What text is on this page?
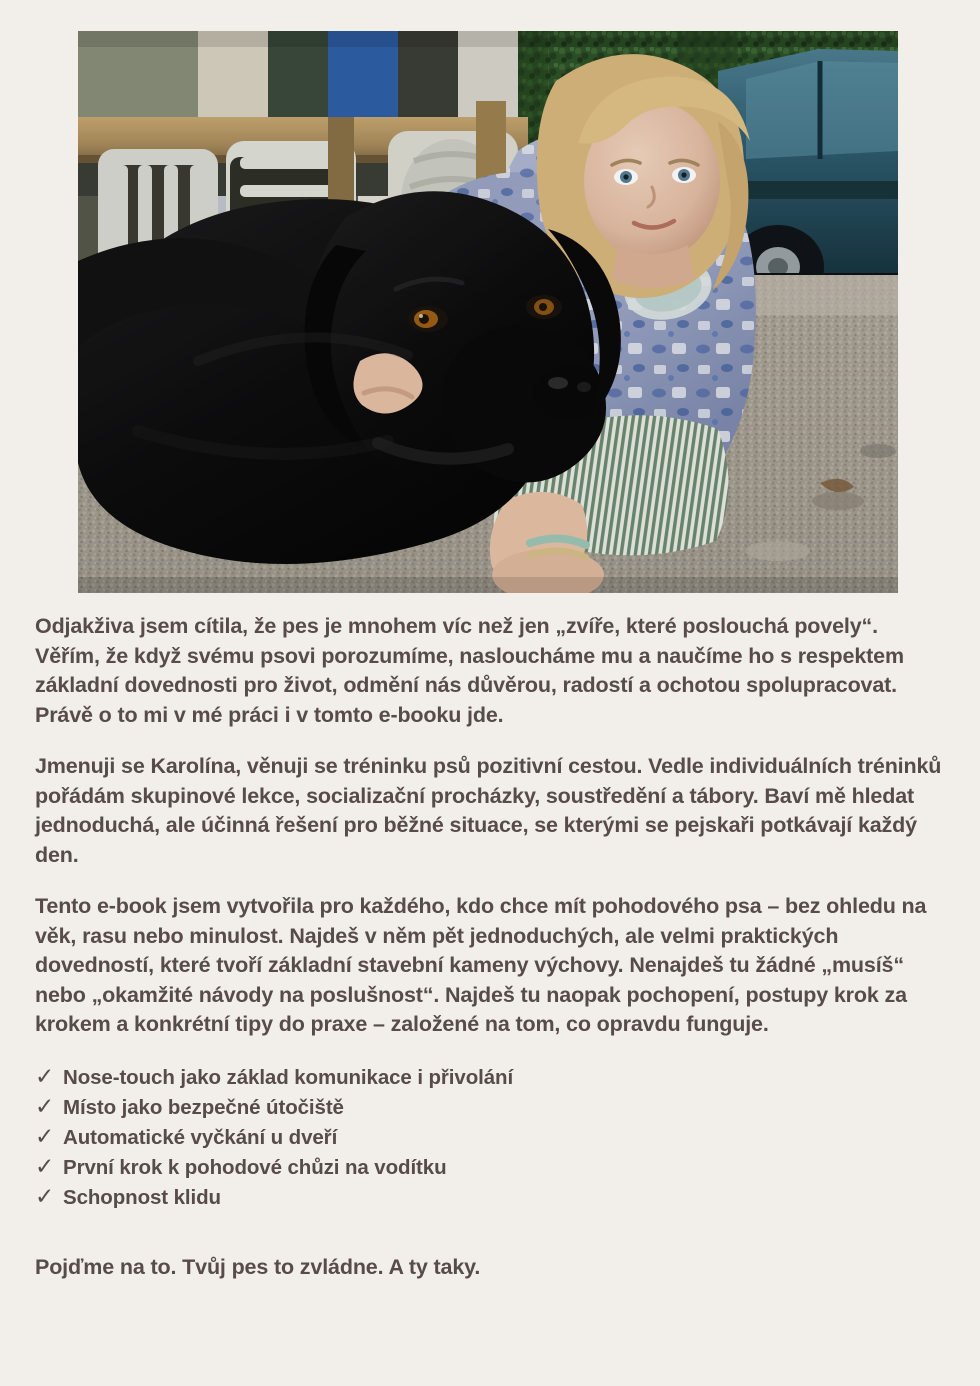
Odjakživa jsem cítila, že pes je mnohem víc než jen „zvíře, které poslouchá povely“. Věřím, že když svému psovi porozumíme, nasloucháme mu a naučíme ho s respektem základní dovednosti pro život, odmění nás důvěrou, radostí a ochotou spolupracovat. Právě o to mi v mé práci i v tomto e-booku jde.

Jmenuji se Karolína, věnuji se tréninku psů pozitivní cestou. Vedle individuálních tréninků pořádám skupinové lekce, socializační procházky, soustředění a tábory. Baví mě hledat jednoduchá, ale účinná řešení pro běžné situace, se kterými se pejskaři potkávají každý den.

Tento e-book jsem vytvořila pro každého, kdo chce mít pohodového psa – bez ohledu na věk, rasu nebo minulost. Najdeš v něm pět jednoduchých, ale velmi praktických dovedností, které tvoří základní stavební kameny výchovy. Nenajdeš tu žádné „musíš“ nebo „okamžité návody na poslušnost“. Najdeš tu naopak pochopení, postupy krok za krokem a konkrétní tipy do praxe – založené na tom, co opravdu funguje.

✓ Nose-touch jako základ komunikace i přivolání
✓ Místo jako bezpečné útočiště
✓ Automatické vyčkání u dveří
✓ První krok k pohodové chůzi na vodítku
✓ Schopnost klidu

Pojďme na to. Tvůj pes to zvládne. A ty taky.
